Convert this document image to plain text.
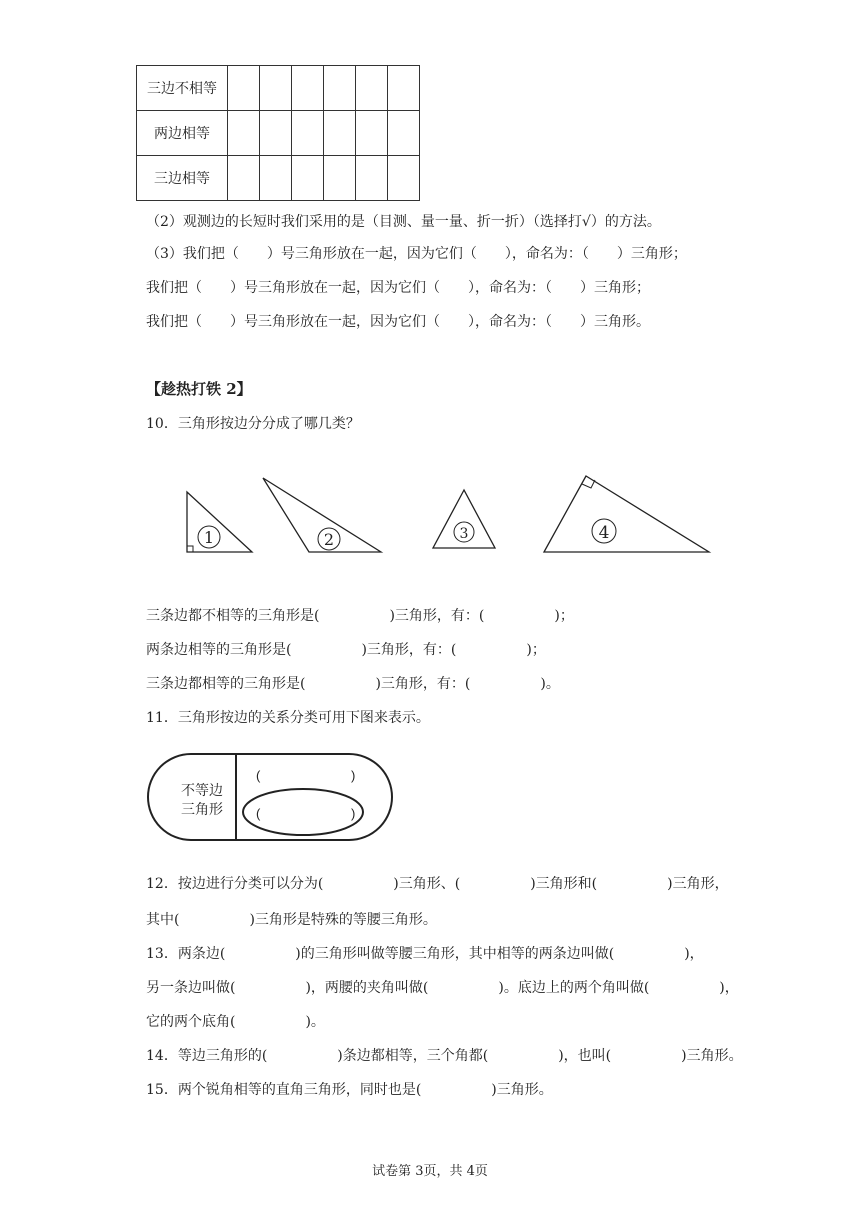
三边不相等						
两边相等						
三边相等						
（2）观测边的长短时我们采用的是（目测、量一量、折一折）（选择打√）的方法。
（3）我们把（　　）号三角形放在一起，因为它们（　　），命名为：（　　）三角形；
我们把（　　）号三角形放在一起，因为它们（　　），命名为：（　　）三角形；
我们把（　　）号三角形放在一起，因为它们（　　），命名为：（　　）三角形。
【趁热打铁 2】
10．三角形按边分分成了哪几类？
1	2	3	4
三条边都不相等的三角形是(　　　　　)三角形，有：(　　　　　)；
两条边相等的三角形是(　　　　　)三角形，有：(　　　　　)；
三条边都相等的三角形是(　　　　　)三角形，有：(　　　　　)。
11．三角形按边的关系分类可用下图来表示。
不等边
三角形
(	)
(	)
12．按边进行分类可以分为(　　　　　)三角形、(　　　　　)三角形和(　　　　　)三角形，
其中(　　　　　)三角形是特殊的等腰三角形。
13．两条边(　　　　　)的三角形叫做等腰三角形，其中相等的两条边叫做(　　　　　)，
另一条边叫做(　　　　　)，两腰的夹角叫做(　　　　　)。底边上的两个角叫做(　　　　　)，
它的两个底角(　　　　　)。
14．等边三角形的(　　　　　)条边都相等，三个角都(　　　　　)，也叫(　　　　　)三角形。
15．两个锐角相等的直角三角形，同时也是(　　　　　)三角形。
试卷第 3页，共 4页
